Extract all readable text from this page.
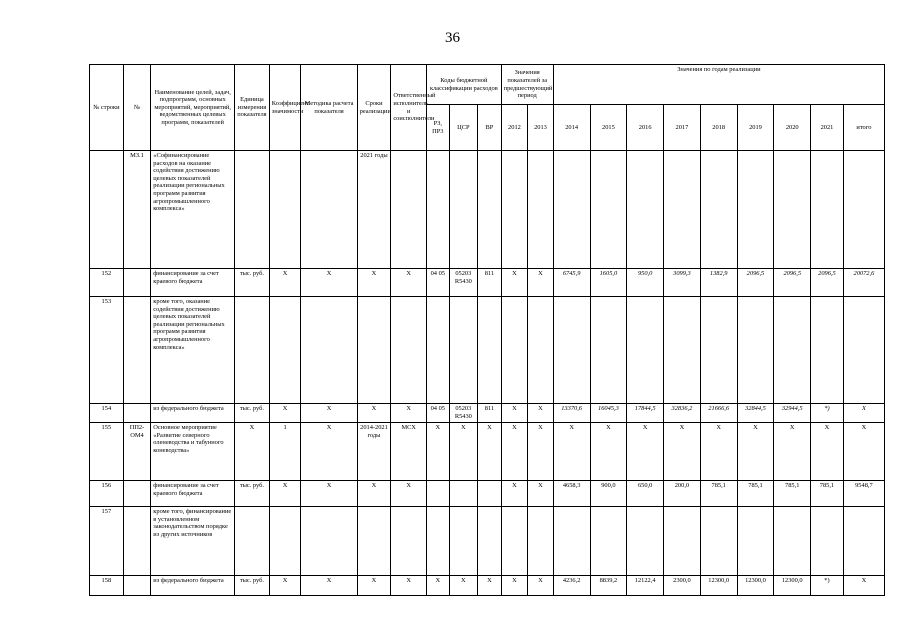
36
№ строки	№	Наименование целей, задач, подпрограмм, основных мероприятий, мероприятий, ведомственных целевых программ, показателей	Единица измерения показателя	Коэффициент значимости	Методика расчета показателя	Сроки реализации	Ответственный исполнитель и соисполнители	Коды бюджетной классификации расходов			Значения показателей за предшествующий период		Значения по годам реализации								
								РЗ, ПР3	ЦСР	ВР	2012	2013	2014	2015	2016	2017	2018	2019	2020	2021	итого
	МЗ.1	«Софинансирование расходов на оказание содействия достижению целевых показателей реализации региональных программ развития агропромышленного комплекса»				2021 годы															
152		финансирование за счет краевого бюджета	тыс. руб.	X	X	X	X	04 05	05203 R5430	811	X	X	6745,9	1605,0	950,0	3099,3	1382,9	2096,5	2096,5	2096,5	20072,6
153		кроме того, оказание содействия достижению целевых показателей реализации региональных программ развития агропромышленного комплекса»																			
154		из федерального бюджета	тыс. руб.	X	X	X	X	04 05	05203 R5430	811	X	X	13370,6	16045,3	17844,5	32836,2	21666,6	32844,5	32944,5	*)	X
155	ПП2-ОМ4	Основное мероприятие «Развитие северного оленеводства и табунного коневодства»	X	1	X	2014-2021 годы	МСХ	X	X	X	X	X	X	X	X	X	X	X	X	X	X
156		финансирование за счет краевого бюджета	тыс. руб.	X	X	X	X				X	X	4658,3	900,0	650,0	200,0	785,1	785,1	785,1	785,1	9548,7
157		кроме того, финансирование в установленном законодательством порядке из других источников																			
158		из федерального бюджета	тыс. руб.	X	X	X	X	X	X	X	X	X	4236,2	8839,2	12122,4	2300,0	12300,0	12300,0	12300,0	*)	X
